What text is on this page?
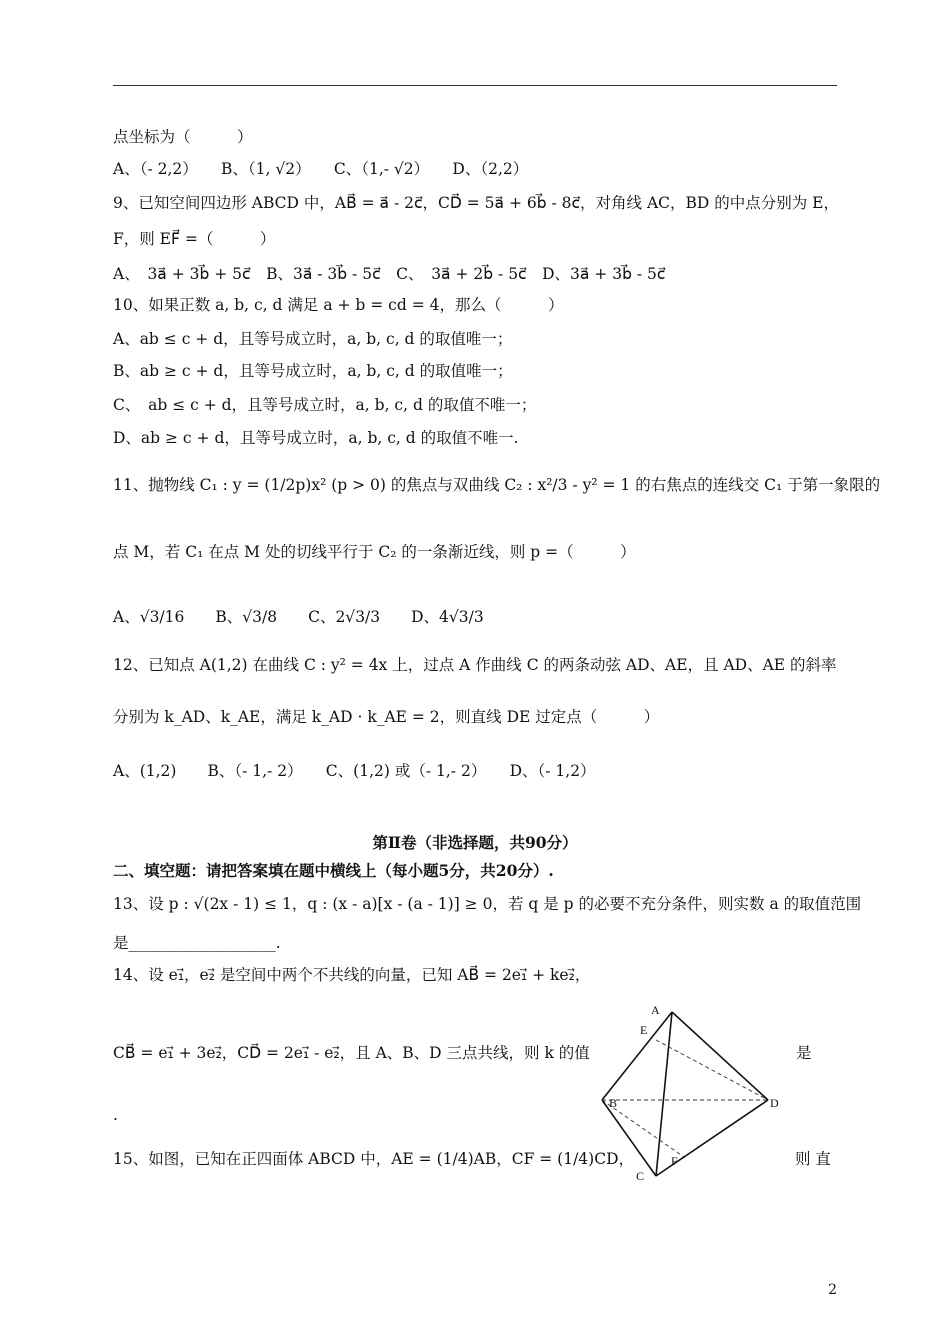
点坐标为（　　　）
A、（- 2,2）　　B、（1, √2）　　C、（1,- √2）　　D、（2,2）
9、已知空间四边形 ABCD 中，AB⃗ = a⃗ - 2c⃗，CD⃗ = 5a⃗ + 6b⃗ - 8c⃗，对角线 AC，BD 的中点分别为 E，
F，则 EF⃗ =（　　　）
A、　3a⃗ + 3b⃗ + 5c⃗　B、3a⃗ - 3b⃗ - 5c⃗　C、　3a⃗ + 2b⃗ - 5c⃗　D、3a⃗ + 3b⃗ - 5c⃗
10、如果正数 a, b, c, d 满足 a + b = cd = 4，那么（　　　）
A、ab ≤ c + d，且等号成立时，a, b, c, d 的取值唯一；
B、ab ≥ c + d，且等号成立时，a, b, c, d 的取值唯一；
C、　ab ≤ c + d，且等号成立时，a, b, c, d 的取值不唯一；
D、ab ≥ c + d，且等号成立时，a, b, c, d 的取值不唯一.
11、抛物线 C₁ : y = (1/2p)x² (p > 0) 的焦点与双曲线 C₂ : x²/3 - y² = 1 的右焦点的连线交 C₁ 于第一象限的
点 M，若 C₁ 在点 M 处的切线平行于 C₂ 的一条渐近线，则 p =（　　　）
A、√3/16　　B、√3/8　　C、2√3/3　　D、4√3/3
12、已知点 A(1,2) 在曲线 C : y² = 4x 上，过点 A 作曲线 C 的两条动弦 AD、AE，且 AD、AE 的斜率
分别为 k_AD、k_AE，满足 k_AD · k_AE = 2，则直线 DE 过定点（　　　）
A、(1,2)　　B、（- 1,- 2）　　C、(1,2) 或（- 1,- 2）　　D、（- 1,2）
第Ⅱ卷（非选择题，共90分）
二、填空题：请把答案填在题中横线上（每小题5分，共20分）.
13、设 p : √(2x - 1) ≤ 1，q : (x - a)[x - (a - 1)] ≥ 0，若 q 是 p 的必要不充分条件，则实数 a 的取值范围
是___________________.
14、设 e₁⃗，e₂⃗ 是空间中两个不共线的向量，已知 AB⃗ = 2e₁⃗ + ke₂⃗，
CB⃗ = e₁⃗ + 3e₂⃗，CD⃗ = 2e₁⃗ - e₂⃗，且 A、B、D 三点共线，则 k 的值	是
.
15、如图，已知在正四面体 ABCD 中，AE = (1/4)AB，CF = (1/4)CD，	则 直
A
E
B	D
C
F
2
